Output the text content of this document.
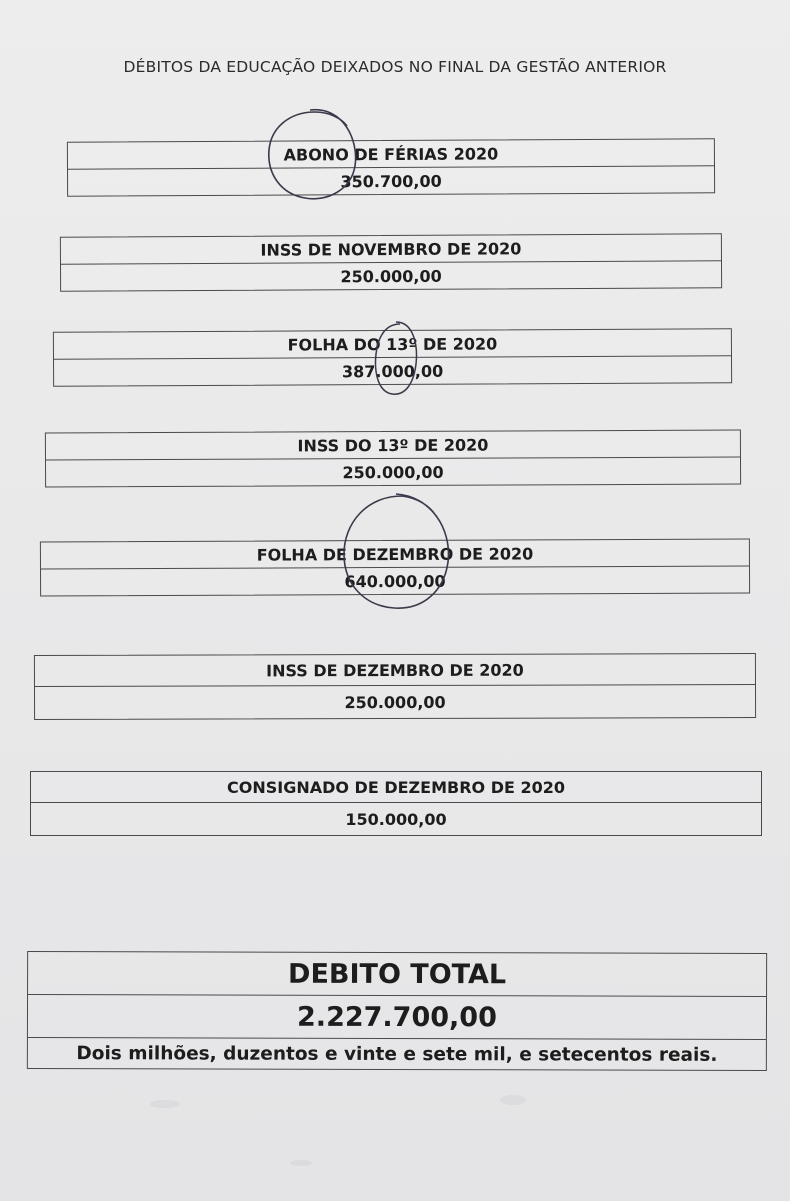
DÉBITOS DA EDUCAÇÃO DEIXADOS NO FINAL DA GESTÃO ANTERIOR
ABONO DE FÉRIAS 2020
350.700,00
INSS DE NOVEMBRO DE 2020
250.000,00
FOLHA DO 13º DE 2020
387.000,00
INSS DO 13º DE 2020
250.000,00
FOLHA DE DEZEMBRO DE 2020
640.000,00
INSS DE DEZEMBRO DE 2020
250.000,00
CONSIGNADO DE DEZEMBRO DE 2020
150.000,00
DEBITO TOTAL
2.227.700,00
Dois milhões, duzentos e vinte e sete mil, e setecentos reais.
